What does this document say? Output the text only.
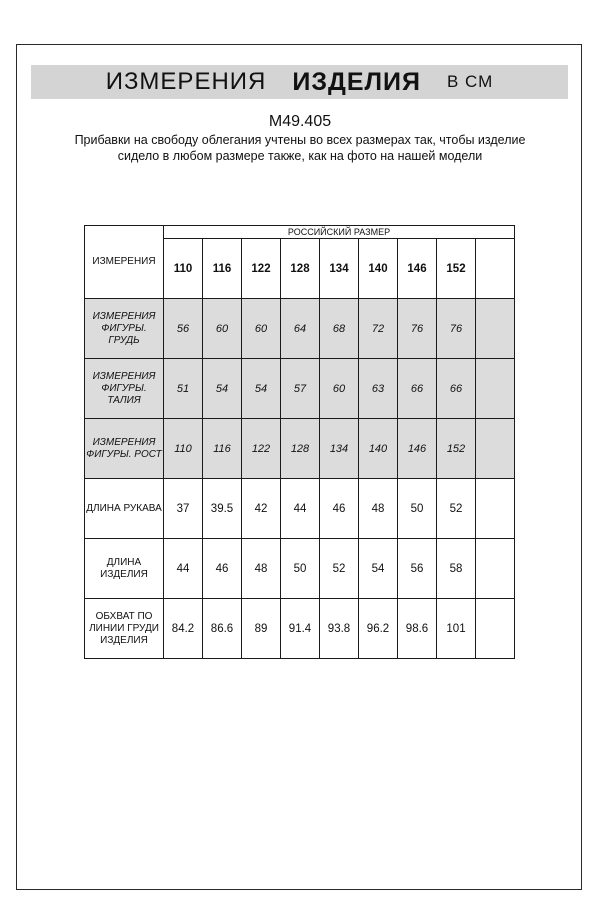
ИЗМЕРЕНИЯ ИЗДЕЛИЯ В СМ
M49.405
Прибавки на свободу облегания учтены во всех размерах так, чтобы изделие сидело в любом размере также, как на фото на нашей модели
ИЗМЕРЕНИЯ	РОССИЙСКИЙ РАЗМЕР								
	110	116	122	128	134	140	146	152	
ИЗМЕРЕНИЯ ФИГУРЫ. ГРУДЬ	56	60	60	64	68	72	76	76	
ИЗМЕРЕНИЯ ФИГУРЫ. ТАЛИЯ	51	54	54	57	60	63	66	66	
ИЗМЕРЕНИЯ ФИГУРЫ. РОСТ	110	116	122	128	134	140	146	152	
ДЛИНА РУКАВА	37	39.5	42	44	46	48	50	52	
ДЛИНА ИЗДЕЛИЯ	44	46	48	50	52	54	56	58	
ОБХВАТ ПО ЛИНИИ ГРУДИ ИЗДЕЛИЯ	84.2	86.6	89	91.4	93.8	96.2	98.6	101	
